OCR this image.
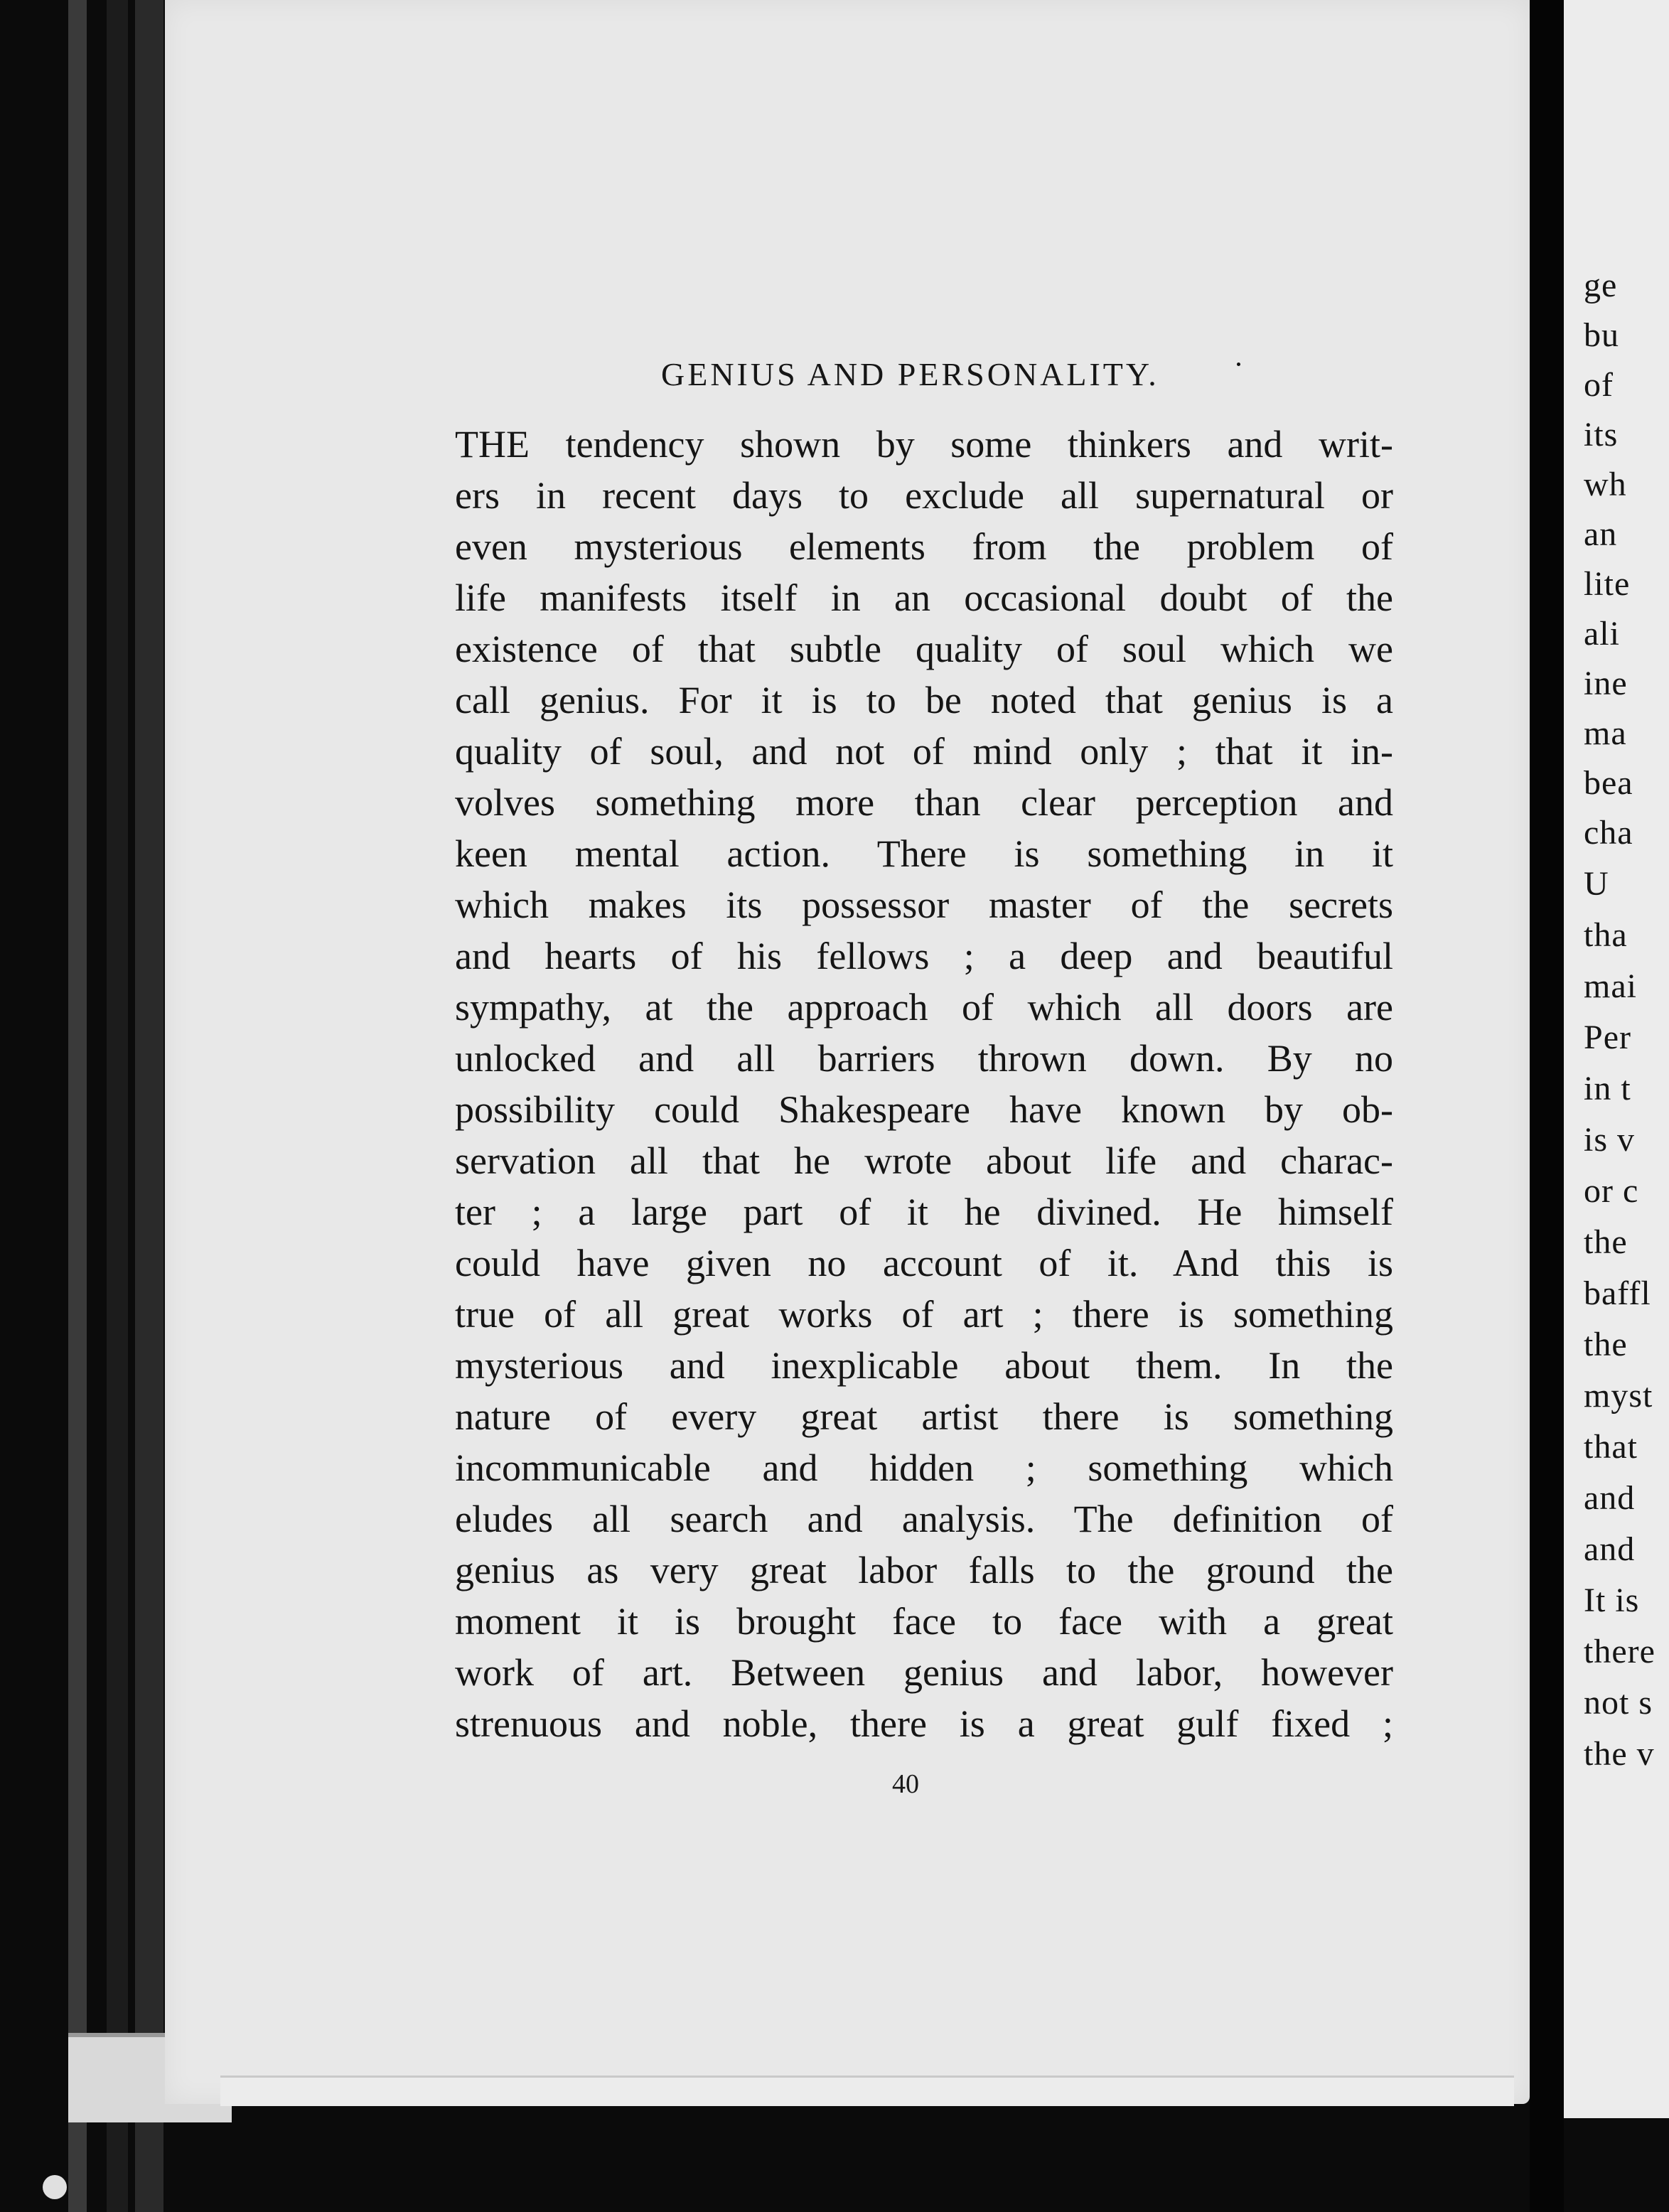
GENIUS AND PERSONALITY.
THE tendency shown by some thinkers and writ-
ers in recent days to exclude all supernatural or
even mysterious elements from the problem of
life manifests itself in an occasional doubt of the
existence of that subtle quality of soul which we
call genius. For it is to be noted that genius is a
quality of soul, and not of mind only ; that it in-
volves something more than clear perception and
keen mental action. There is something in it
which makes its possessor master of the secrets
and hearts of his fellows ; a deep and beautiful
sympathy, at the approach of which all doors are
unlocked and all barriers thrown down. By no
possibility could Shakespeare have known by ob-
servation all that he wrote about life and charac-
ter ; a large part of it he divined. He himself
could have given no account of it. And this is
true of all great works of art ; there is something
mysterious and inexplicable about them. In the
nature of every great artist there is something
incommunicable and hidden ; something which
eludes all search and analysis. The definition of
genius as very great labor falls to the ground the
moment it is brought face to face with a great
work of art. Between genius and labor, however
strenuous and noble, there is a great gulf fixed ;
40
ge
bu
of
its
wh
an
lite
ali
ine
ma
bea
cha
U
tha
mai
Per
in t
is v
or c
the
baffl
the
myst
that
and
and
It is
there
not s
the v
